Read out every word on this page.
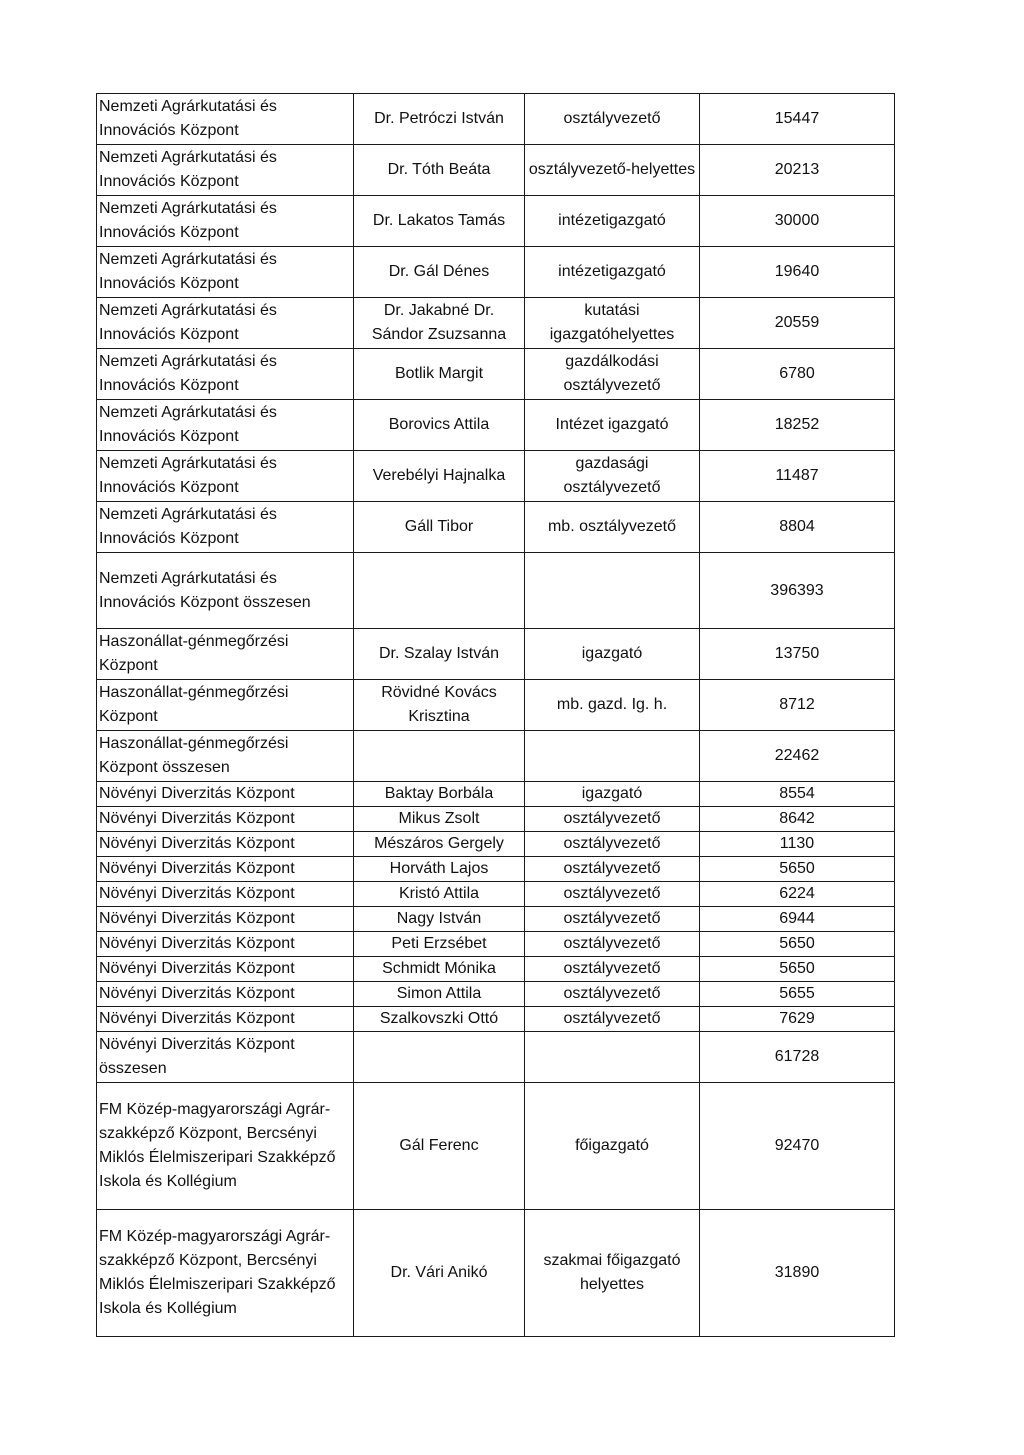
Nemzeti Agrárkutatási és Innovációs Központ	Dr. Petróczi István	osztályvezető	15447
Nemzeti Agrárkutatási és Innovációs Központ	Dr. Tóth Beáta	osztályvezető-helyettes	20213
Nemzeti Agrárkutatási és Innovációs Központ	Dr. Lakatos Tamás	intézetigazgató	30000
Nemzeti Agrárkutatási és Innovációs Központ	Dr. Gál Dénes	intézetigazgató	19640
Nemzeti Agrárkutatási és Innovációs Központ	Dr. Jakabné Dr. Sándor Zsuzsanna	kutatási igazgatóhelyettes	20559
Nemzeti Agrárkutatási és Innovációs Központ	Botlik Margit	gazdálkodási osztályvezető	6780
Nemzeti Agrárkutatási és Innovációs Központ	Borovics Attila	Intézet igazgató	18252
Nemzeti Agrárkutatási és Innovációs Központ	Verebélyi Hajnalka	gazdasági osztályvezető	11487
Nemzeti Agrárkutatási és Innovációs Központ	Gáll Tibor	mb. osztályvezető	8804
Nemzeti Agrárkutatási és Innovációs Központ összesen			396393
Haszonállat-génmegőrzési Központ	Dr. Szalay István	igazgató	13750
Haszonállat-génmegőrzési Központ	Rövidné Kovács Krisztina	mb. gazd. Ig. h.	8712
Haszonállat-génmegőrzési Központ összesen			22462
Növényi Diverzitás Központ	Baktay Borbála	igazgató	8554
Növényi Diverzitás Központ	Mikus Zsolt	osztályvezető	8642
Növényi Diverzitás Központ	Mészáros Gergely	osztályvezető	1130
Növényi Diverzitás Központ	Horváth Lajos	osztályvezető	5650
Növényi Diverzitás Központ	Kristó Attila	osztályvezető	6224
Növényi Diverzitás Központ	Nagy István	osztályvezető	6944
Növényi Diverzitás Központ	Peti Erzsébet	osztályvezető	5650
Növényi Diverzitás Központ	Schmidt Mónika	osztályvezető	5650
Növényi Diverzitás Központ	Simon Attila	osztályvezető	5655
Növényi Diverzitás Központ	Szalkovszki Ottó	osztályvezető	7629
Növényi Diverzitás Központ összesen			61728
FM Közép-magyarországi Agrár-szakképző Központ, Bercsényi Miklós Élelmiszeripari Szakképző Iskola és Kollégium	Gál Ferenc	főigazgató	92470
FM Közép-magyarországi Agrár-szakképző Központ, Bercsényi Miklós Élelmiszeripari Szakképző Iskola és Kollégium	Dr. Vári Anikó	szakmai főigazgató helyettes	31890
